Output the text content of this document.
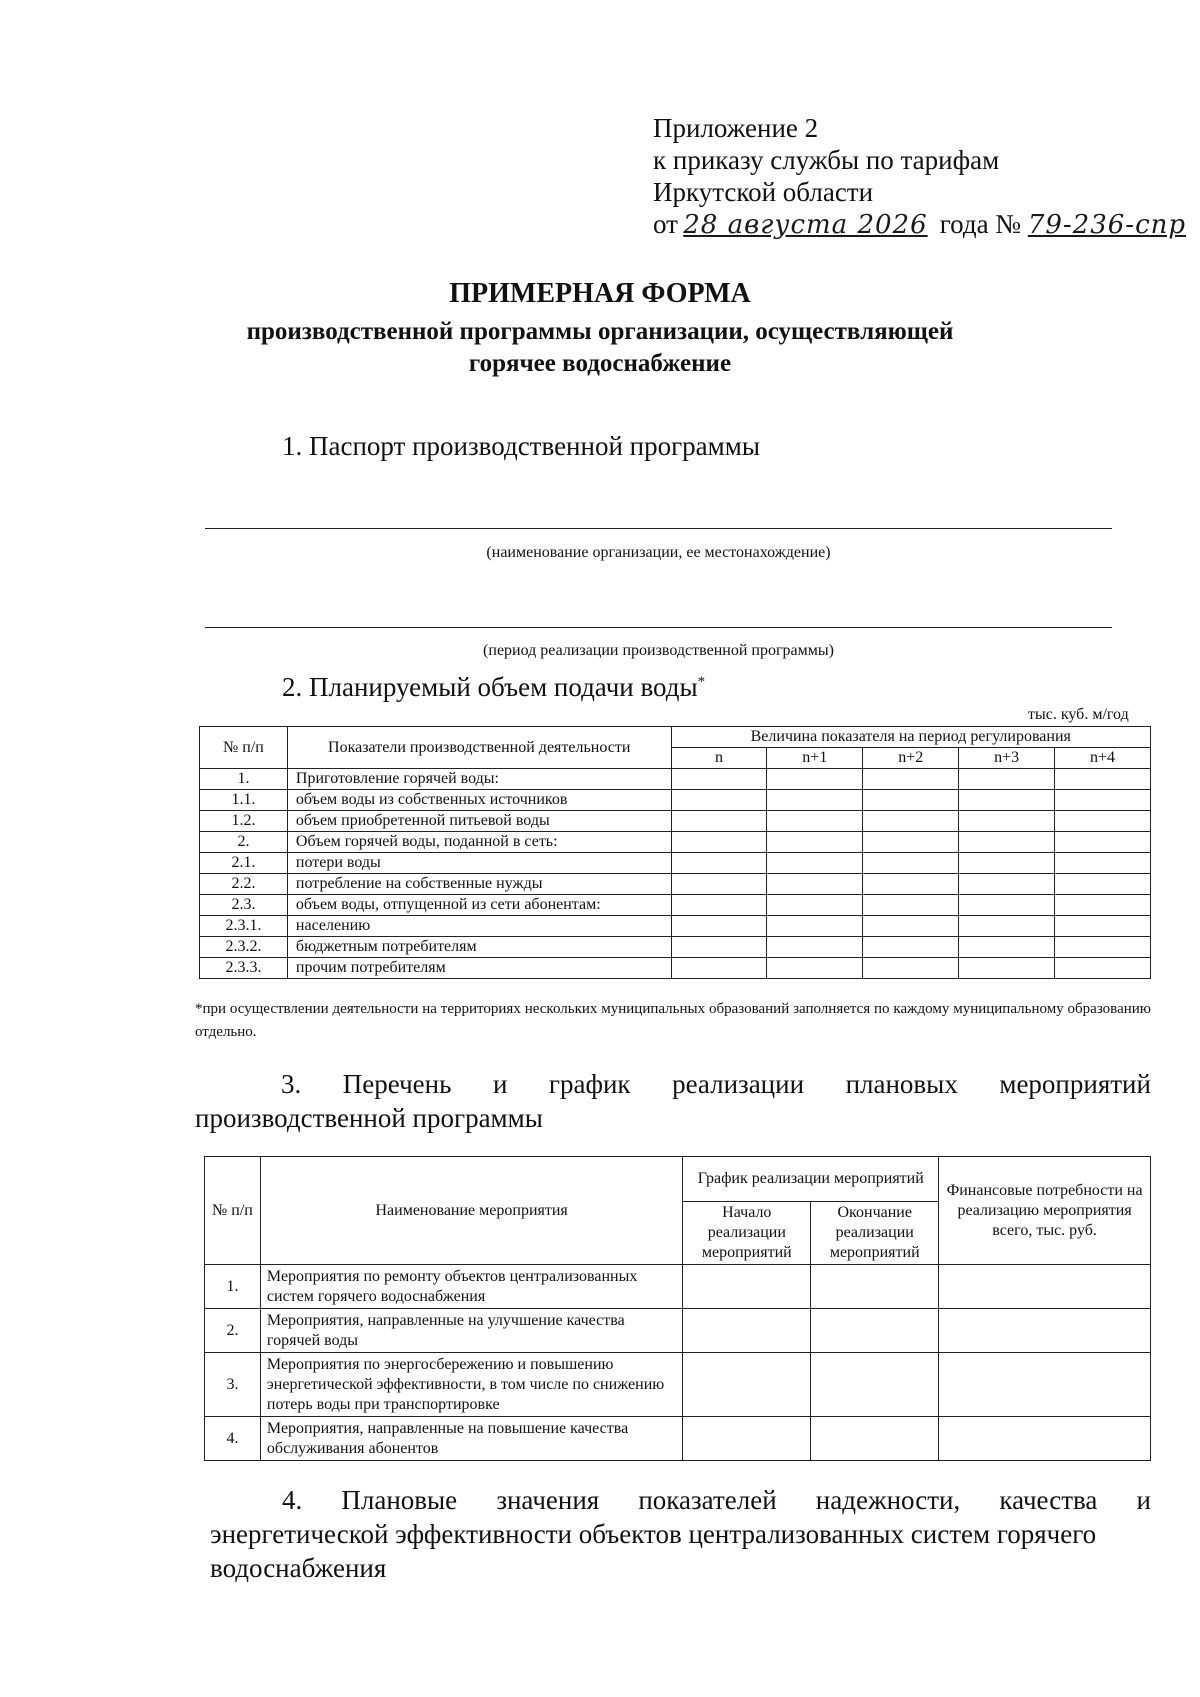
Приложение 2
к приказу службы по тарифам
Иркутской области
от 28 августа 2026 года № 79-236-спр
ПРИМЕРНАЯ ФОРМА
производственной программы организации, осуществляющей
горячее водоснабжение
1. Паспорт производственной программы
(наименование организации, ее местонахождение)
(период реализации производственной программы)
2. Планируемый объем подачи воды*
тыс. куб. м/год
№ п/п	Показатели производственной деятельности	Величина показателя на период регулирования				
		n	n+1	n+2	n+3	n+4
1.	Приготовление горячей воды:					
1.1.	объем воды из собственных источников					
1.2.	объем приобретенной питьевой воды					
2.	Объем горячей воды, поданной в сеть:					
2.1.	потери воды					
2.2.	потребление на собственные нужды					
2.3.	объем воды, отпущенной из сети абонентам:					
2.3.1.	населению					
2.3.2.	бюджетным потребителям					
2.3.3.	прочим потребителям					
*при осуществлении деятельности на территориях нескольких муниципальных образований заполняется по каждому муниципальному образованию отдельно.
3. Перечень и график реализации плановых мероприятий
производственной программы
№ п/п	Наименование мероприятия	График реализации мероприятий		Финансовые потребности на реализацию мероприятия всего, тыс. руб.
		Начало реализации мероприятий	Окончание реализации мероприятий	
1.	Мероприятия по ремонту объектов централизованных систем горячего водоснабжения			
2.	Мероприятия, направленные на улучшение качества горячей воды			
3.	Мероприятия по энергосбережению и повышению энергетической эффективности, в том числе по снижению потерь воды при транспортировке			
4.	Мероприятия, направленные на повышение качества обслуживания абонентов			
4. Плановые значения показателей надежности, качества и
энергетической эффективности объектов централизованных систем горячего
водоснабжения
